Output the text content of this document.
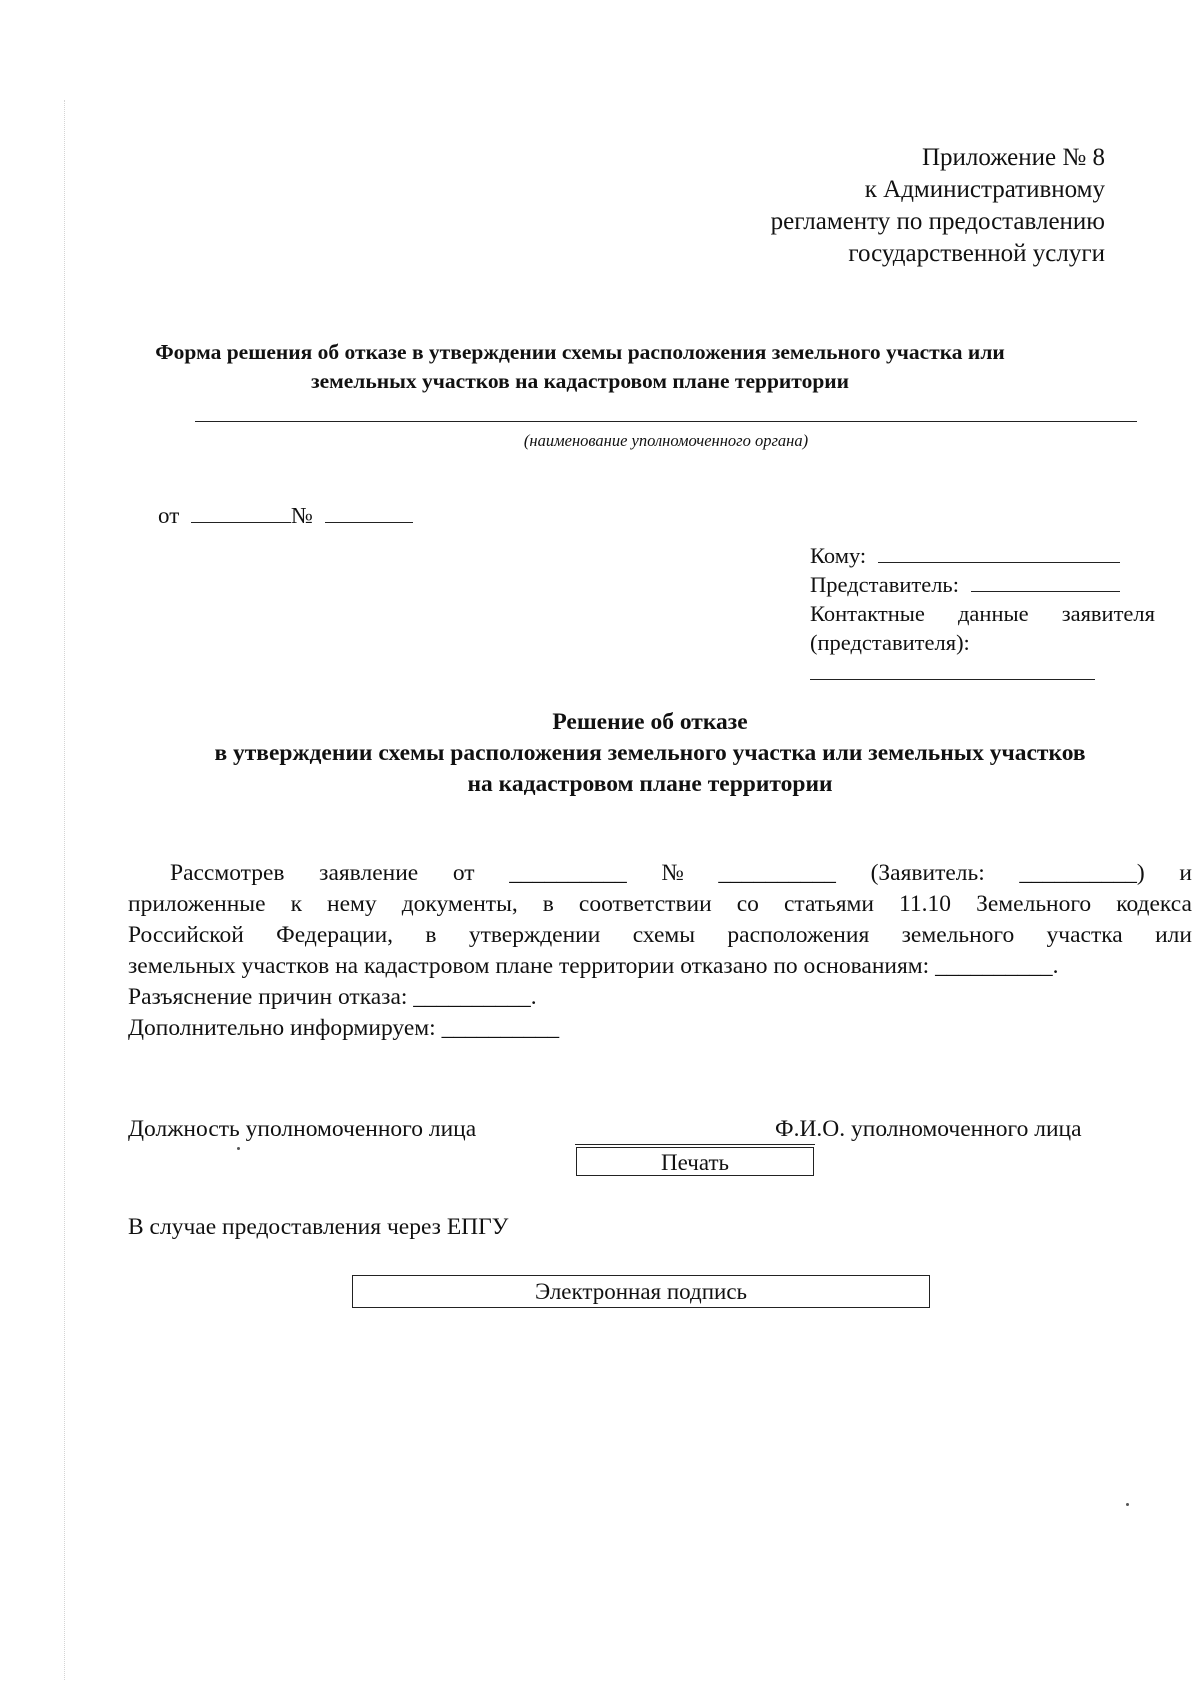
Приложение № 8
к Административному
регламенту по предоставлению
государственной услуги
Форма решения об отказе в утверждении схемы расположения земельного участка или
земельных участков на кадастровом плане территории
(наименование уполномоченного органа)
от	№
Кому:
Представитель:
Контактные данные заявителя
(представителя):
Решение об отказе
в утверждении схемы расположения земельного участка или земельных участков
на кадастровом плане территории
Рассмотрев заявление от __________ № __________ (Заявитель: __________) и
приложенные к нему документы, в соответствии со статьями 11.10 Земельного кодекса
Российской Федерации, в утверждении схемы расположения земельного участка или
земельных участков на кадастровом плане территории отказано по основаниям: __________.
Разъяснение причин отказа: __________.
Дополнительно информируем: __________
Должность уполномоченного лица	Ф.И.О. уполномоченного лица
Печать
В случае предоставления через ЕПГУ
Электронная подпись
